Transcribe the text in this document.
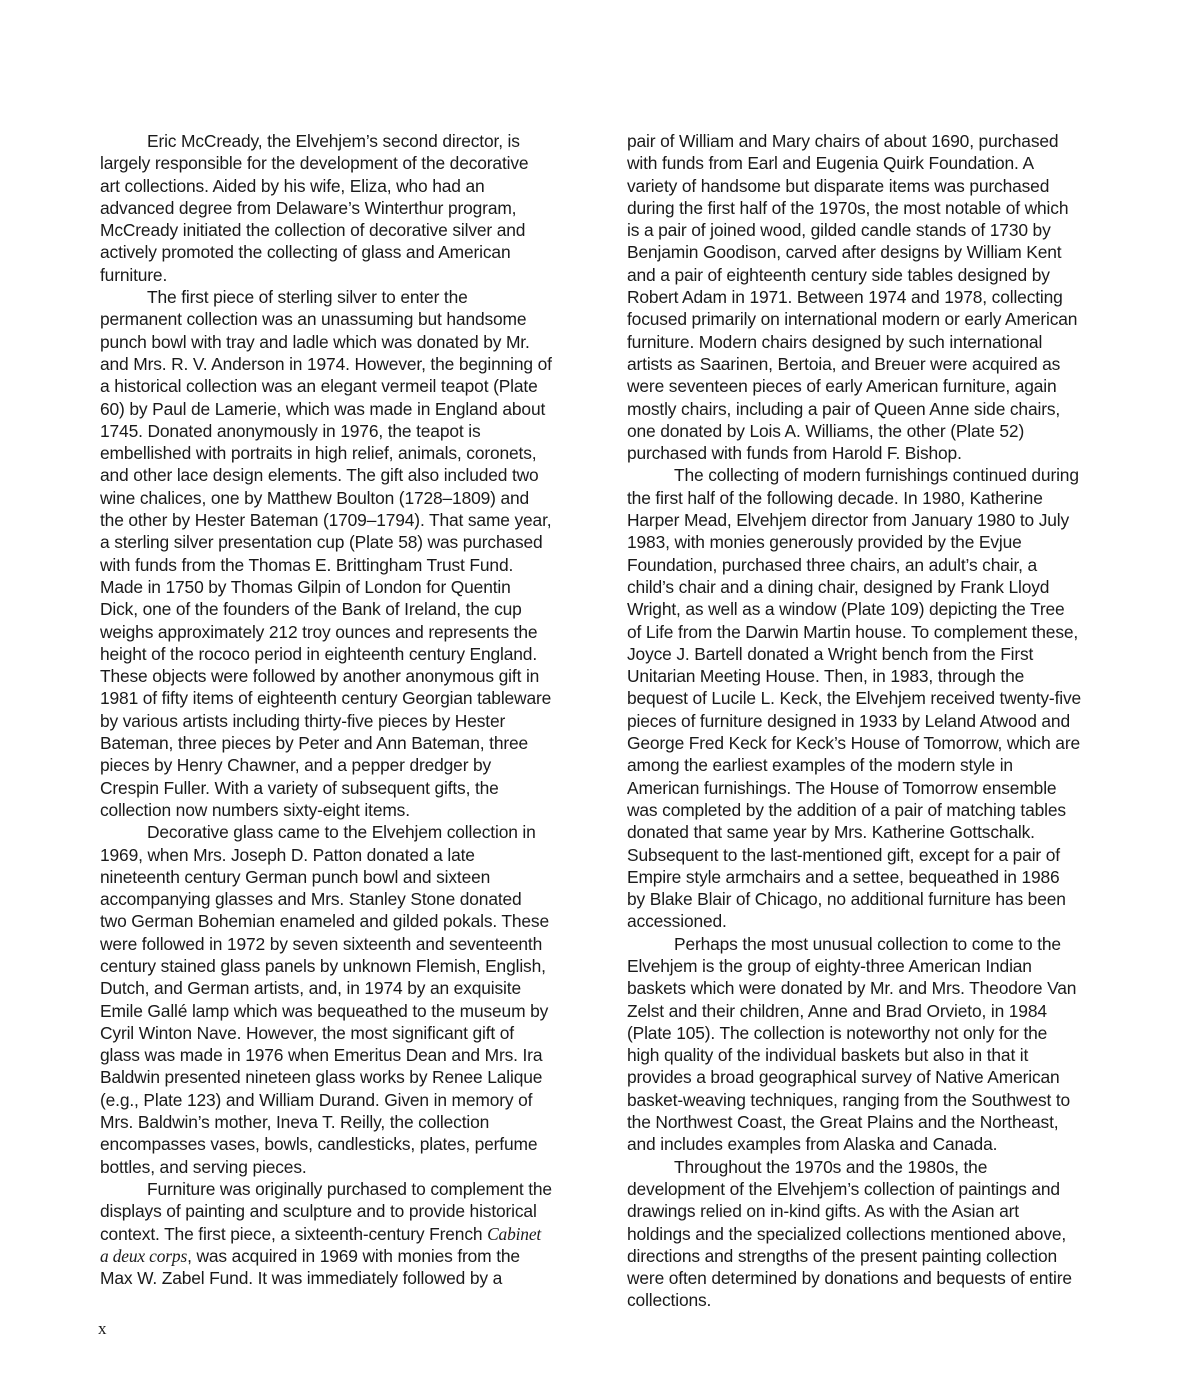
Eric McCready, the Elvehjem’s second director, is largely responsible for the development of the decorative art collections. Aided by his wife, Eliza, who had an advanced degree from Delaware’s Winterthur program, McCready initiated the collection of decorative silver and actively promoted the collecting of glass and American furniture.

The first piece of sterling silver to enter the permanent collection was an unassuming but handsome punch bowl with tray and ladle which was donated by Mr. and Mrs. R. V. Anderson in 1974. However, the beginning of a historical collection was an elegant vermeil teapot (Plate 60) by Paul de Lamerie, which was made in England about 1745. Donated anonymously in 1976, the teapot is embellished with portraits in high relief, animals, coronets, and other lace design elements. The gift also included two wine chalices, one by Matthew Boulton (1728–1809) and the other by Hester Bateman (1709–1794). That same year, a sterling silver presentation cup (Plate 58) was purchased with funds from the Thomas E. Brittingham Trust Fund. Made in 1750 by Thomas Gilpin of London for Quentin Dick, one of the founders of the Bank of Ireland, the cup weighs approximately 212 troy ounces and represents the height of the rococo period in eighteenth century England. These objects were followed by another anonymous gift in 1981 of fifty items of eighteenth century Georgian tableware by various artists including thirty-five pieces by Hester Bateman, three pieces by Peter and Ann Bateman, three pieces by Henry Chawner, and a pepper dredger by Crespin Fuller. With a variety of subsequent gifts, the collection now numbers sixty-eight items.

Decorative glass came to the Elvehjem collection in 1969, when Mrs. Joseph D. Patton donated a late nineteenth century German punch bowl and sixteen accompanying glasses and Mrs. Stanley Stone donated two German Bohemian enameled and gilded pokals. These were followed in 1972 by seven sixteenth and seventeenth century stained glass panels by unknown Flemish, English, Dutch, and German artists, and, in 1974 by an exquisite Emile Gallé lamp which was bequeathed to the museum by Cyril Winton Nave. However, the most significant gift of glass was made in 1976 when Emeritus Dean and Mrs. Ira Baldwin presented nineteen glass works by Renee Lalique (e.g., Plate 123) and William Durand. Given in memory of Mrs. Baldwin’s mother, Ineva T. Reilly, the collection encompasses vases, bowls, candlesticks, plates, perfume bottles, and serving pieces.

Furniture was originally purchased to complement the displays of painting and sculpture and to provide historical context. The first piece, a sixteenth-century French Cabinet a deux corps, was acquired in 1969 with monies from the Max W. Zabel Fund. It was immediately followed by a

pair of William and Mary chairs of about 1690, purchased with funds from Earl and Eugenia Quirk Foundation. A variety of handsome but disparate items was purchased during the first half of the 1970s, the most notable of which is a pair of joined wood, gilded candle stands of 1730 by Benjamin Goodison, carved after designs by William Kent and a pair of eighteenth century side tables designed by Robert Adam in 1971. Between 1974 and 1978, collecting focused primarily on international modern or early American furniture. Modern chairs designed by such international artists as Saarinen, Bertoia, and Breuer were acquired as were seventeen pieces of early American furniture, again mostly chairs, including a pair of Queen Anne side chairs, one donated by Lois A. Williams, the other (Plate 52) purchased with funds from Harold F. Bishop.

The collecting of modern furnishings continued during the first half of the following decade. In 1980, Katherine Harper Mead, Elvehjem director from January 1980 to July 1983, with monies generously provided by the Evjue Foundation, purchased three chairs, an adult’s chair, a child’s chair and a dining chair, designed by Frank Lloyd Wright, as well as a window (Plate 109) depicting the Tree of Life from the Darwin Martin house. To complement these, Joyce J. Bartell donated a Wright bench from the First Unitarian Meeting House. Then, in 1983, through the bequest of Lucile L. Keck, the Elvehjem received twenty-five pieces of furniture designed in 1933 by Leland Atwood and George Fred Keck for Keck’s House of Tomorrow, which are among the earliest examples of the modern style in American furnishings. The House of Tomorrow ensemble was completed by the addition of a pair of matching tables donated that same year by Mrs. Katherine Gottschalk. Subsequent to the last-mentioned gift, except for a pair of Empire style armchairs and a settee, bequeathed in 1986 by Blake Blair of Chicago, no additional furniture has been accessioned.

Perhaps the most unusual collection to come to the Elvehjem is the group of eighty-three American Indian baskets which were donated by Mr. and Mrs. Theodore Van Zelst and their children, Anne and Brad Orvieto, in 1984 (Plate 105). The collection is noteworthy not only for the high quality of the individual baskets but also in that it provides a broad geographical survey of Native American basket-weaving techniques, ranging from the Southwest to the Northwest Coast, the Great Plains and the Northeast, and includes examples from Alaska and Canada.

Throughout the 1970s and the 1980s, the development of the Elvehjem’s collection of paintings and drawings relied on in-kind gifts. As with the Asian art holdings and the specialized collections mentioned above, directions and strengths of the present painting collection were often determined by donations and bequests of entire collections.

x
